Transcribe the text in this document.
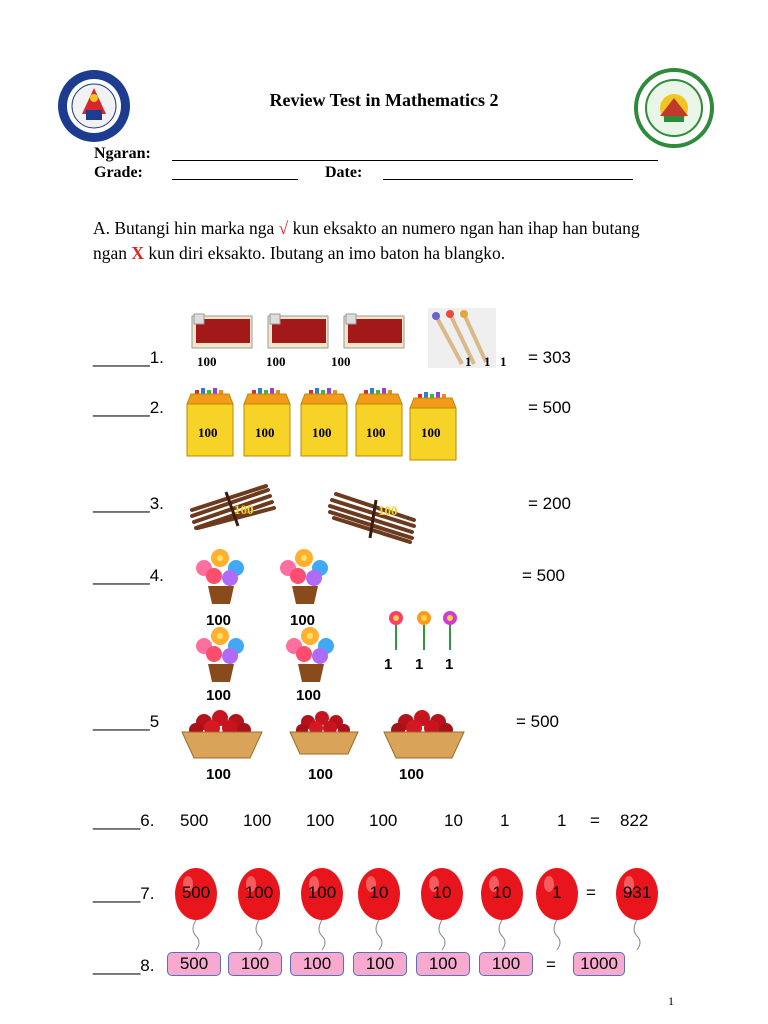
Review Test in Mathematics 2
Ngaran:
Grade:	Date:
A. Butangi hin marka nga √ kun eksakto an numero ngan han ihap han butang ngan X kun diri eksakto. Ibutang an imo baton ha blangko.
______1.	100	100	100	1 1 1 = 303
______2.
100	100	100	100	100
= 500
______3.	100	100	= 200
______4.
100	100
100	100
1 1 1
= 500
______5
100	100	100
= 500
_____6. 500 100 100 100	10 1	1 = 822
_____7.	500	100	100	10	10	10	1	=	931
_____8.	500	100	100	100	100	100	=	1000
1
